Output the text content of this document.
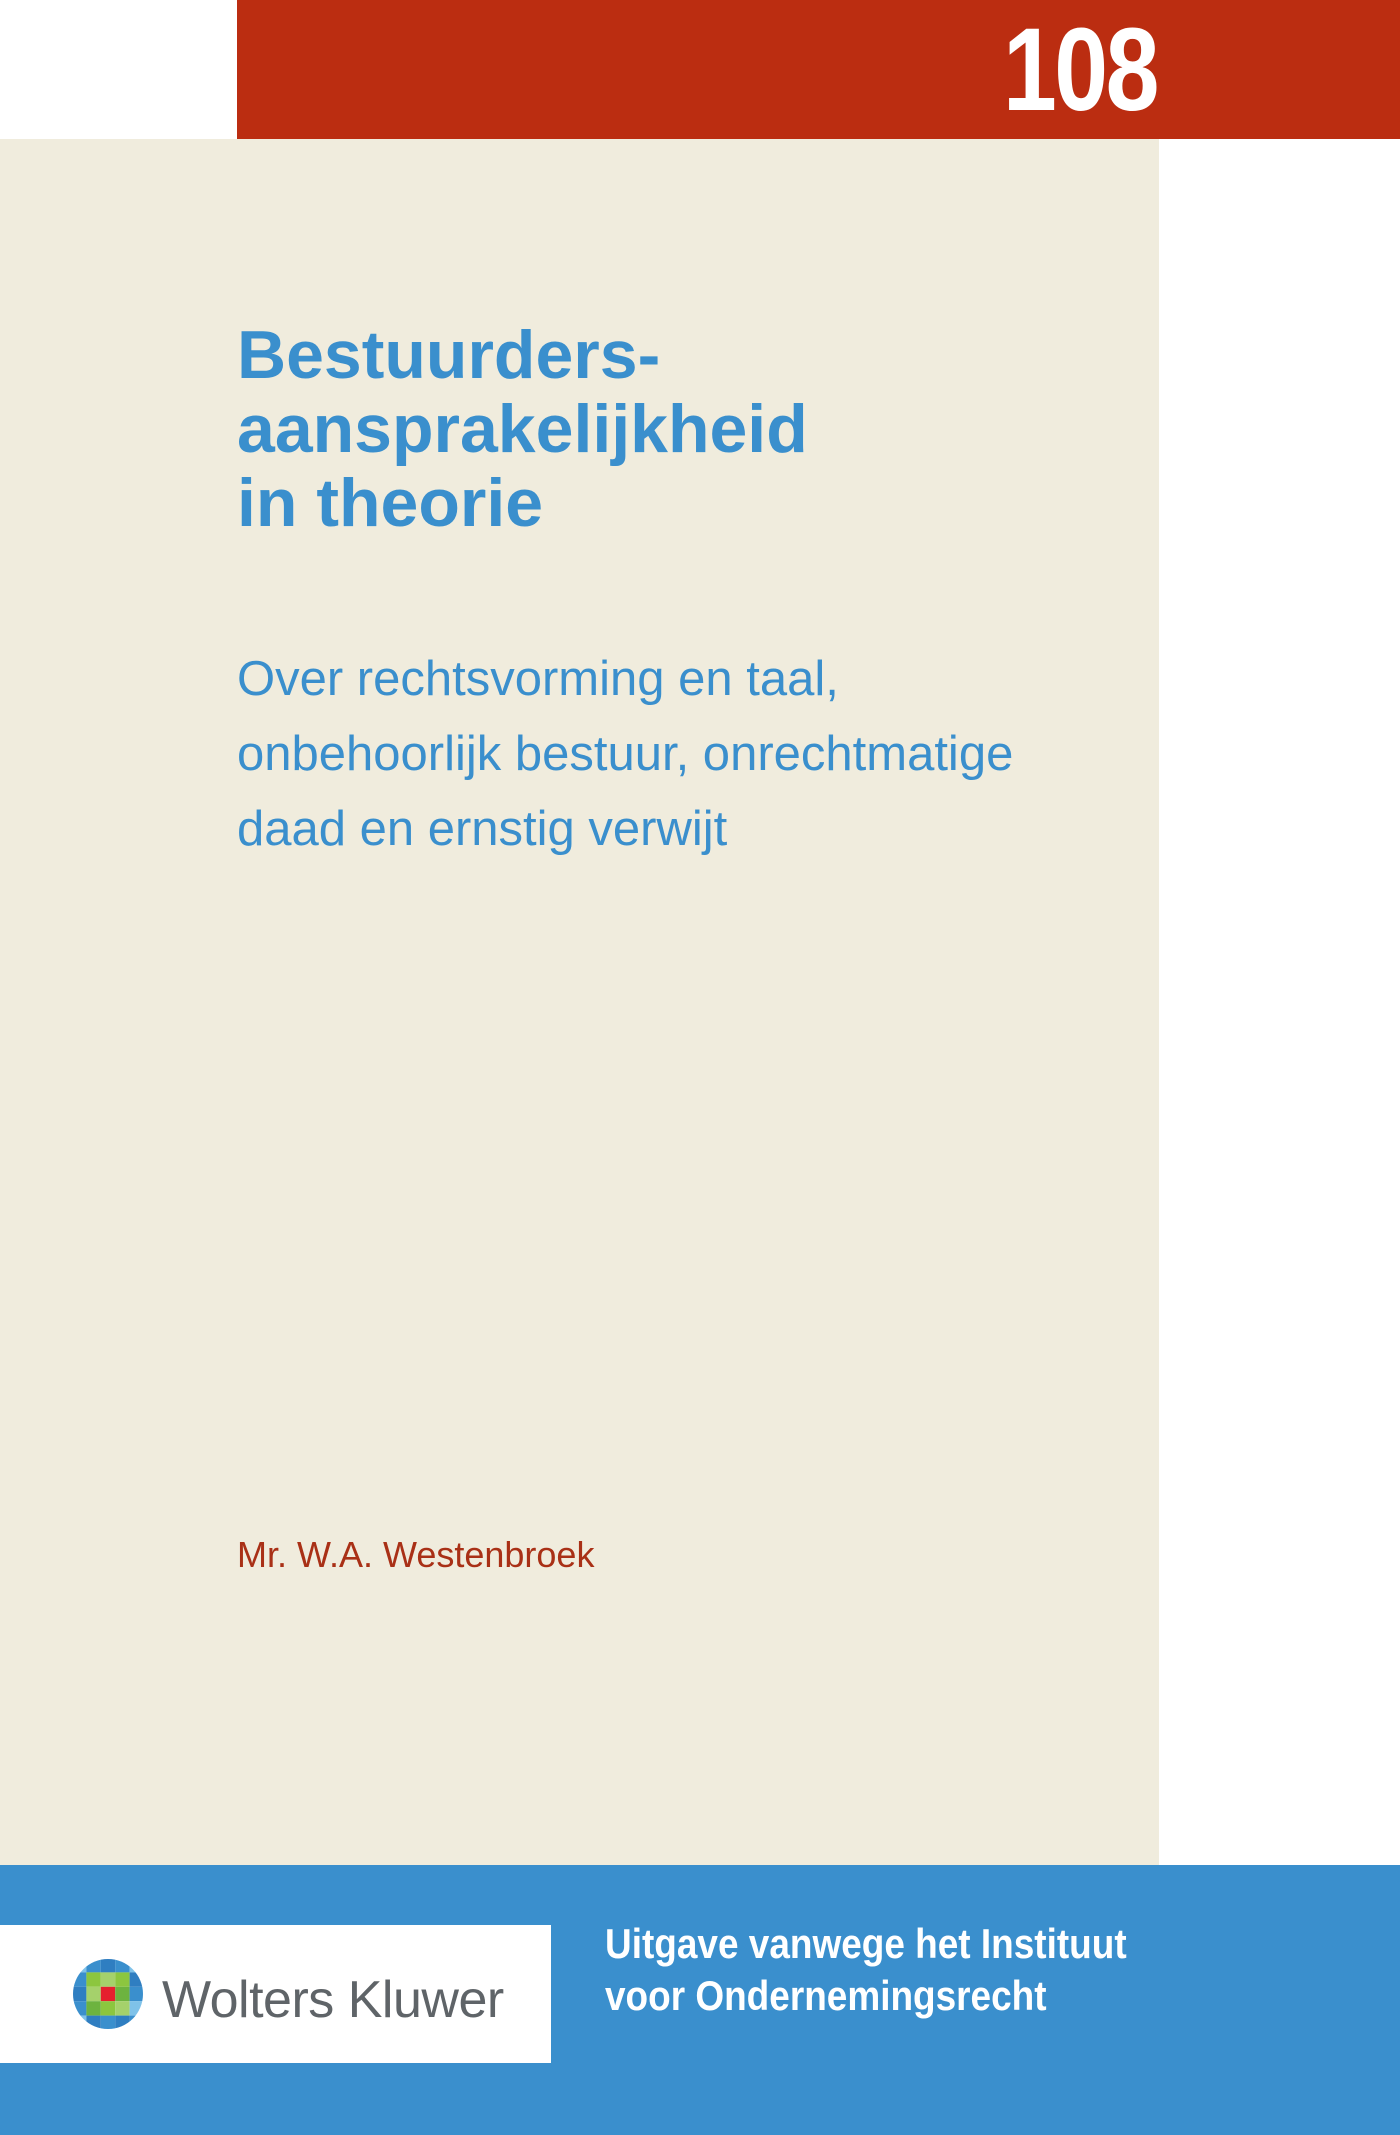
108
Bestuurders-
aansprakelijkheid
in theorie

Over rechtsvorming en taal,
onbehoorlijk bestuur, onrechtmatige
daad en ernstig verwijt

Mr. W.A. Westenbroek
Wolters Kluwer
Uitgave vanwege het Instituut
voor Ondernemingsrecht
